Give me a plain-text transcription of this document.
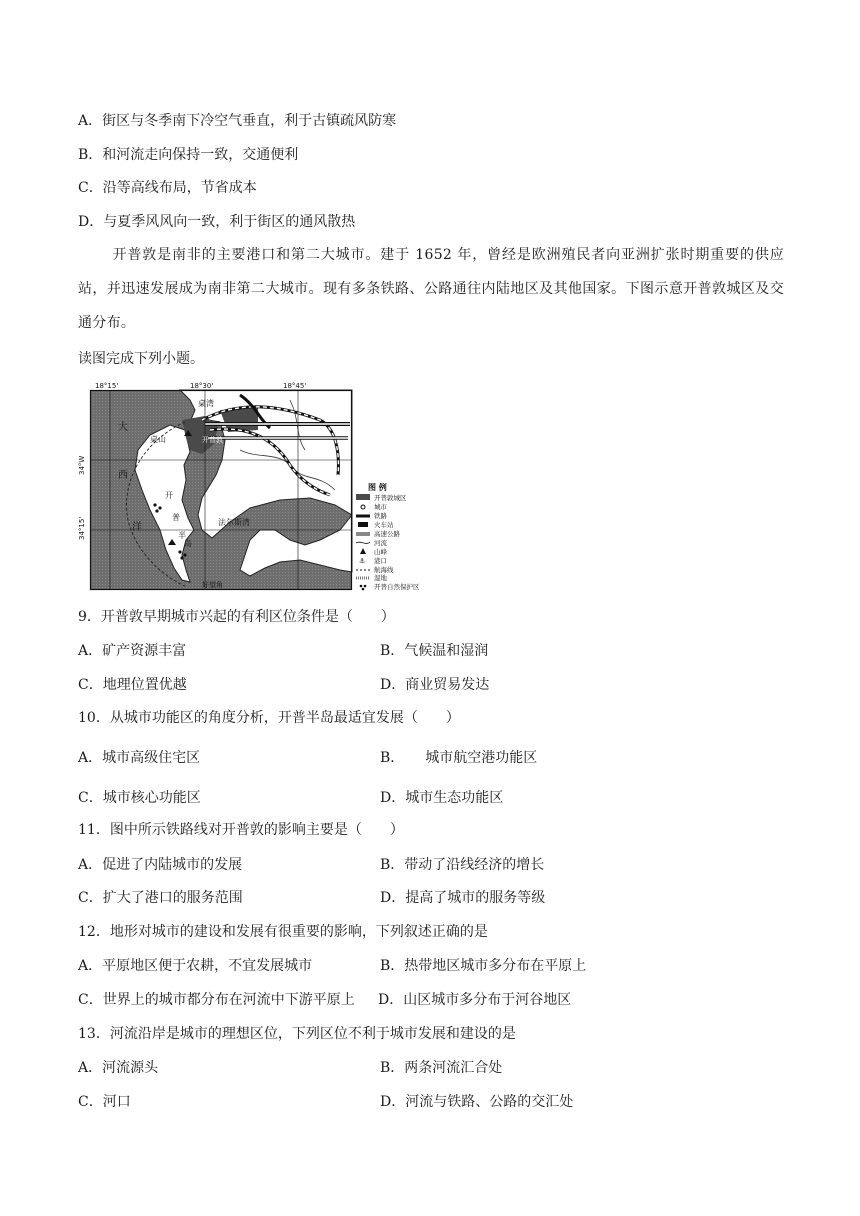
A．街区与冬季南下冷空气垂直，利于古镇疏风防寒
B．和河流走向保持一致，交通便利
C．沿等高线布局，节省成本
D．与夏季风风向一致，利于街区的通风散热
开普敦是南非的主要港口和第二大城市。建于 1652 年，曾经是欧洲殖民者向亚洲扩张时期重要的供应站，并迅速发展成为南非第二大城市。现有多条铁路、公路通往内陆地区及其他国家。下图示意开普敦城区及交通分布。
读图完成下列小题。
18°15'	18°30'	18°45'
34°W
34°15'
桌湾
桌山	开普敦
大
西
洋
开
普
半
岛
法尔斯湾
好望角
图 例
开普敦城区
城市
铁路
火车站
高速公路
河流
山峰
⚓ 港口
航海线
湿地
开普自然保护区
9．开普敦早期城市兴起的有利区位条件是（　　）
A．矿产资源丰富	B．气候温和湿润
C．地理位置优越	D．商业贸易发达
10．从城市功能区的角度分析，开普半岛最适宜发展（　　）
A．城市高级住宅区	B．　　城市航空港功能区
C．城市核心功能区	D．城市生态功能区
11．图中所示铁路线对开普敦的影响主要是（　　）
A．促进了内陆城市的发展	B．带动了沿线经济的增长
C．扩大了港口的服务范围	D．提高了城市的服务等级
12．地形对城市的建设和发展有很重要的影响，下列叙述正确的是
A．平原地区便于农耕，不宜发展城市	B．热带地区城市多分布在平原上
C．世界上的城市都分布在河流中下游平原上 D．山区城市多分布于河谷地区
13．河流沿岸是城市的理想区位，下列区位不利于城市发展和建设的是
A．河流源头	B．两条河流汇合处
C．河口	D．河流与铁路、公路的交汇处
